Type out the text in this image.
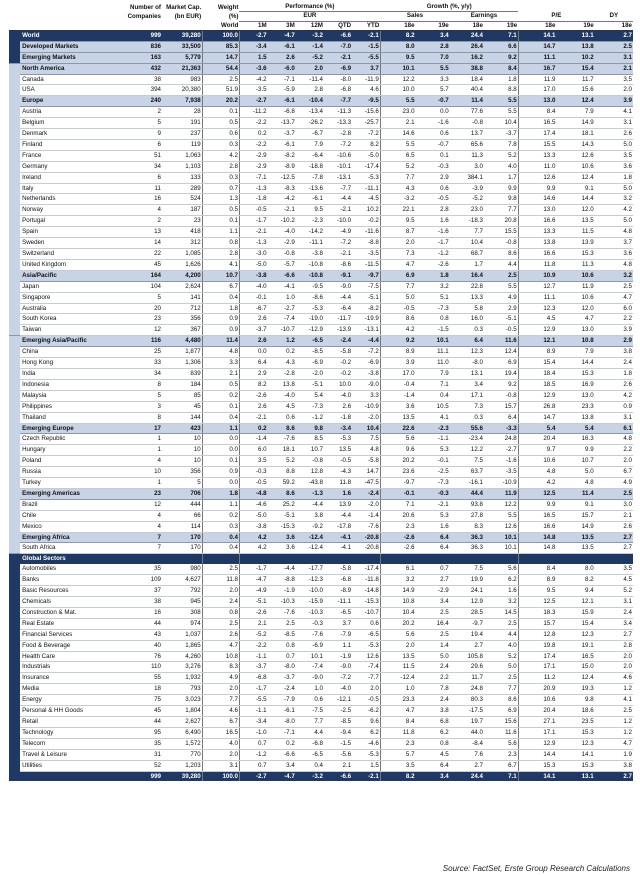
		Number of	Market Cap.	Weight	Performance (%)					Growth (%, y/y)						
		Companies	(bn EUR)	(%)	EUR					Sales		Earnings		P/E		DY
				World	1M	3M	12M	QTD	YTD	18e	19e	18e	19e	18e	19e	18e
	World	999	39,280	100.0	-2.7	-4.7	-3.2	-6.6	-2.1	8.2	3.4	24.4	7.1	14.1	13.1	2.7
	Developed Markets	836	33,500	85.3	-3.4	-6.1	-1.4	-7.0	-1.5	8.0	2.8	26.4	6.6	14.7	13.8	2.5
	Emerging Markets	163	5,779	14.7	1.5	2.6	-5.2	-2.1	-5.5	9.5	7.0	16.2	9.2	11.1	10.2	3.1
	North America	432	21,363	54.4	-3.6	-6.0	2.0	-6.9	3.7	10.1	5.5	38.8	8.4	16.7	15.4	2.1
	Canada	38	983	2.5	-4.2	-7.1	-11.4	-8.0	-11.9	12.2	3.3	18.4	1.8	11.9	11.7	3.5
	USA	394	20,380	51.9	-3.5	-5.9	2.8	-6.8	4.6	10.0	5.7	40.4	8.8	17.0	15.6	2.0
	Europe	240	7,938	20.2	-2.7	-6.1	-10.4	-7.7	-9.5	5.5	-0.7	11.4	5.5	13.0	12.4	3.9
	Austria	2	28	0.1	-11.2	-6.8	-13.4	-11.3	-15.6	23.0	0.0	77.6	5.5	8.4	7.9	4.1
	Belgium	5	191	0.5	-2.2	-13.7	-26.2	-13.3	-25.7	2.1	-1.6	-0.8	10.4	16.5	14.9	3.1
	Denmark	9	237	0.6	0.2	-3.7	-6.7	-2.8	-7.2	14.6	0.6	13.7	-3.7	17.4	18.1	2.6
	Finland	6	119	0.3	-2.2	-6.1	7.9	-7.2	8.2	5.5	-0.7	65.6	7.8	15.5	14.3	5.0
	France	51	1,063	4.2	-2.9	-8.2	-6.4	-10.6	-5.0	6.5	0.1	11.3	5.2	13.3	12.6	3.5
	Germany	34	1,103	2.8	-2.9	-8.9	-18.8	-10.1	-17.4	5.2	-0.3	3.0	4.0	11.0	10.6	3.6
	Ireland	6	133	0.3	-7.1	-12.5	-7.8	-13.1	-5.3	7.7	2.9	384.1	1.7	12.6	12.4	1.8
	Italy	11	289	0.7	-1.3	-8.3	-13.6	-7.7	-11.1	4.3	0.6	-3.9	9.9	9.9	9.1	5.0
	Netherlands	16	524	1.3	-1.8	-4.2	-6.1	-4.4	-4.5	-3.2	-0.5	-5.2	9.8	14.6	14.4	3.2
	Norway	4	187	0.5	-0.5	-2.1	9.5	-2.1	10.2	22.1	2.8	23.0	7.7	13.0	12.0	4.2
	Portugal	2	23	0.1	-1.7	-10.2	-2.3	-10.0	-0.2	9.5	1.6	-18.3	20.8	16.6	13.5	5.0
	Spain	13	418	1.1	-2.1	-4.0	-14.2	-4.9	-11.6	8.7	-1.6	7.7	15.5	13.3	11.5	4.8
	Sweden	14	312	0.8	-1.3	-2.9	-11.1	-7.2	-8.8	2.0	-1.7	10.4	-0.8	13.8	13.9	3.7
	Switzerland	22	1,085	2.8	-3.0	-0.8	-3.8	-2.1	-3.5	7.3	-1.2	68.7	8.6	16.6	15.3	3.6
	United Kingdom	45	1,626	4.1	-5.0	-5.7	-10.8	-8.6	-11.5	4.7	-2.6	1.7	4.4	11.8	11.3	4.8
	Asia/Pacific	164	4,200	10.7	-3.8	-6.6	-10.8	-9.1	-9.7	6.9	1.8	16.4	2.5	10.9	10.6	3.2
	Japan	104	2,624	6.7	-4.0	-4.1	-9.5	-9.0	-7.5	7.7	3.2	22.8	5.5	12.7	11.9	2.5
	Singapore	5	141	0.4	-0.1	1.0	-8.6	-4.4	-5.1	5.0	5.1	13.3	4.9	11.1	10.6	4.7
	Australia	20	712	1.8	-6.7	-2.7	-5.3	-6.4	-8.2	-0.5	-7.3	5.8	2.9	12.3	12.0	6.0
	South Korea	23	356	0.9	2.6	-7.4	-19.0	-11.7	-19.9	8.6	0.8	16.0	-5.1	4.5	4.7	2.2
	Taiwan	12	367	0.9	-3.7	-10.7	-12.9	-13.9	-13.1	4.2	-1.5	0.3	-0.5	12.9	13.0	3.9
	Emerging Asia/Pacific	116	4,480	11.4	2.6	1.2	-6.5	-2.4	-4.4	9.2	10.1	6.4	11.6	12.1	10.8	2.9
	China	25	1,877	4.8	0.0	0.2	-8.5	-5.8	-7.2	8.9	11.1	12.3	12.4	8.9	7.9	3.8
	Hong Kong	33	1,306	3.3	6.4	4.3	-6.9	-0.2	-6.9	3.9	11.0	-8.0	6.9	15.4	14.4	2.4
	India	34	839	2.1	2.9	-2.8	-2.0	-0.2	-3.8	17.0	7.9	13.1	19.4	18.4	15.3	1.8
	Indonesia	8	184	0.5	8.2	13.8	-5.1	10.0	-9.0	-0.4	7.1	3.4	9.2	18.5	16.9	2.6
	Malaysia	5	85	0.2	-2.6	-4.0	5.4	-4.0	3.3	-1.4	0.4	17.1	-0.8	12.9	13.0	4.2
	Philippines	3	45	0.1	2.6	4.5	-7.3	2.6	-10.9	3.6	10.5	7.3	15.7	26.8	23.3	0.9
	Thailand	8	144	0.4	-2.1	0.6	-1.2	-1.8	-2.0	13.5	4.1	0.3	6.4	14.7	13.8	3.1
	Emerging Europe	17	423	1.1	0.2	8.6	9.8	-3.4	10.4	22.6	-2.3	55.6	-3.3	5.4	5.4	6.1
	Czech Republic	1	10	0.0	-1.4	-7.6	8.5	-5.3	7.5	5.6	-1.1	-23.4	24.8	20.4	16.3	4.8
	Hungary	1	10	0.0	6.0	18.1	10.7	13.5	4.8	9.6	5.3	12.2	-2.7	9.7	9.9	2.2
	Poland	4	10	0.1	3.5	5.2	-0.8	-0.5	-5.8	20.2	-0.1	7.5	-1.6	10.6	10.7	2.0
	Russia	10	356	0.9	-0.3	8.8	12.8	-4.3	14.7	23.6	-2.5	63.7	-3.5	4.8	5.0	6.7
	Turkey	1	5	0.0	-0.5	59.2	-43.8	11.8	-47.5	-9.7	-7.3	-16.1	-10.9	4.2	4.8	4.9
	Emerging Americas	23	706	1.8	-4.8	8.6	-1.3	1.6	-2.4	-0.1	-0.3	44.4	11.9	12.5	11.4	2.5
	Brazil	12	444	1.1	-4.6	25.2	-4.4	13.9	-2.0	7.1	-2.1	93.8	12.2	9.9	9.1	3.0
	Chile	4	66	0.2	-5.0	-5.1	3.8	-4.4	-1.4	20.6	5.3	27.8	5.5	16.5	15.7	2.1
	Mexico	4	114	0.3	-3.8	-15.3	-9.2	-17.8	-7.6	2.3	1.6	8.3	12.6	16.6	14.9	2.6
	Emerging Africa	7	170	0.4	4.2	3.6	-12.4	-4.1	-20.8	-2.6	6.4	36.3	10.1	14.8	13.5	2.7
	South Africa	7	170	0.4	4.2	3.6	-12.4	-4.1	-20.8	-2.6	6.4	36.3	10.1	14.8	13.5	2.7
	Global Sectors															
	Automobiles	35	980	2.5	-1.7	-4.4	-17.7	-5.8	-17.4	6.1	0.7	7.5	5.6	8.4	8.0	3.5
	Banks	109	4,627	11.8	-4.7	-8.8	-12.3	-6.8	-11.8	3.2	2.7	19.9	6.2	8.9	8.2	4.5
	Basic Resources	37	792	2.0	-4.9	-1.9	-10.0	-8.9	-14.8	14.9	-2.9	24.1	1.6	9.5	9.4	5.2
	Chemicals	38	945	2.4	-5.1	-10.3	-15.9	-11.1	-15.3	10.8	3.4	12.9	3.2	12.5	12.1	3.1
	Construction & Mat.	16	308	0.8	-2.6	-7.6	-10.3	-6.5	-10.7	10.4	2.5	28.5	14.5	18.3	15.9	2.4
	Real Estate	44	974	2.5	2.1	2.5	-0.3	3.7	0.6	20.2	16.4	-9.7	2.5	15.7	15.4	3.4
	Financial Services	43	1,037	2.6	-5.2	-8.5	-7.6	-7.9	-6.5	5.6	2.5	19.4	4.4	12.8	12.3	2.7
	Food & Beverage	40	1,865	4.7	-2.2	0.8	-6.9	1.1	-5.3	2.0	1.4	2.7	4.0	19.8	19.1	2.8
	Health Care	76	4,260	10.8	-1.1	0.7	10.1	-1.9	12.6	13.5	5.0	105.8	5.2	17.4	16.5	2.0
	Industrials	110	3,276	8.3	-3.7	-8.0	-7.4	-9.0	-7.4	11.5	2.4	29.6	5.0	17.1	15.0	2.0
	Insurance	55	1,932	4.9	-6.8	-3.7	-9.0	-7.2	-7.7	-12.4	2.2	11.7	2.5	11.2	12.4	4.6
	Media	18	793	2.0	-1.7	-2.4	1.0	-4.0	2.0	1.0	7.8	24.8	7.7	20.9	19.3	1.2
	Energy	75	3,023	7.7	-5.5	-7.9	0.6	-12.1	-0.5	23.3	2.4	80.3	8.6	10.6	9.8	4.1
	Personal & HH Goods	45	1,804	4.6	-1.1	-6.1	-7.5	-2.5	-6.2	4.7	3.8	-17.5	6.9	20.4	18.6	2.5
	Retail	44	2,627	6.7	-3.4	-8.0	7.7	-8.5	9.6	8.4	6.8	19.7	15.6	27.1	23.5	1.2
	Technology	95	6,490	16.5	-1.0	-7.1	4.4	-9.4	6.2	11.8	6.2	44.0	11.6	17.1	15.3	1.2
	Telecom	35	1,572	4.0	0.7	0.2	-6.8	-1.5	-4.6	2.3	0.8	-8.4	5.6	12.9	12.3	4.7
	Travel & Leisure	31	770	2.0	-1.2	-6.6	-6.5	-5.6	-5.3	5.7	4.5	7.6	2.3	14.4	14.1	1.9
	Utilities	52	1,203	3.1	0.7	3.4	0.4	2.1	1.5	3.5	6.4	2.7	6.7	15.3	15.3	3.8
		999	39,280	100.0	-2.7	-4.7	-3.2	-6.6	-2.1	8.2	3.4	24.4	7.1	14.1	13.1	2.7
Source: FactSet, Erste Group Research Calculations
